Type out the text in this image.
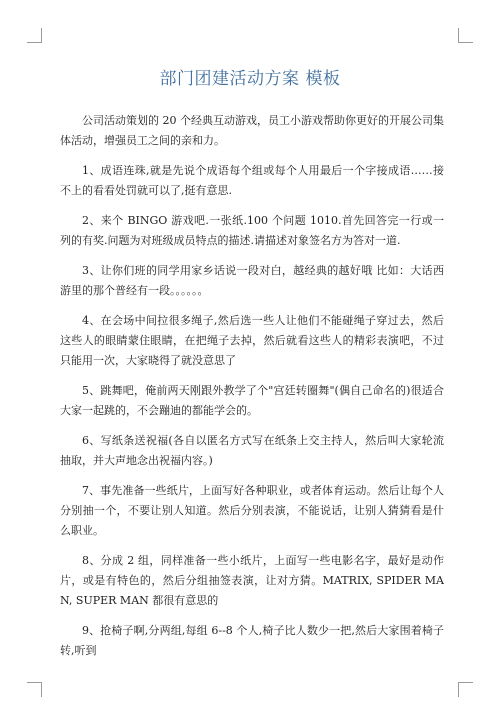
部门团建活动方案 模板

公司活动策划的 20 个经典互动游戏，员工小游戏帮助你更好的开展公司集体活动，增强员工之间的亲和力。

1、成语连珠,就是先说个成语每个组或每个人用最后一个字接成语……接不上的看看处罚就可以了,挺有意思.

2、来个 BINGO 游戏吧.一张纸.100 个问题 1010.首先回答完一行或一列的有奖.问题为对班级成员特点的描述.请描述对象签名方为答对一道.

3、让你们班的同学用家乡话说一段对白，越经典的越好哦 比如：大话西游里的那个普经有一段。。。。。。

4、在会场中间拉很多绳子,然后选一些人让他们不能碰绳子穿过去，然后这些人的眼睛蒙住眼睛，在把绳子去掉，然后就看这些人的精彩表演吧，不过只能用一次，大家晓得了就没意思了

5、跳舞吧，俺前两天刚跟外教学了个"宫廷转圈舞"(偶自己命名的)很适合大家一起跳的，不会蹦迪的都能学会的。

6、写纸条送祝福(各自以匿名方式写在纸条上交主持人，然后叫大家轮流抽取，并大声地念出祝福内容。)

7、事先准备一些纸片，上面写好各种职业，或者体育运动。然后让每个人分别抽一个，不要让别人知道。然后分别表演，不能说话，让别人猜猜看是什么职业。

8、分成 2 组，同样准备一些小纸片，上面写一些电影名字，最好是动作片，或是有特色的，然后分组抽签表演，让对方猜。MATRIX, SPIDER MAN, SUPER MAN 都很有意思的

9、抢椅子啊,分两组,每组 6--8 个人,椅子比人数少一把,然后大家围着椅子转,听到
